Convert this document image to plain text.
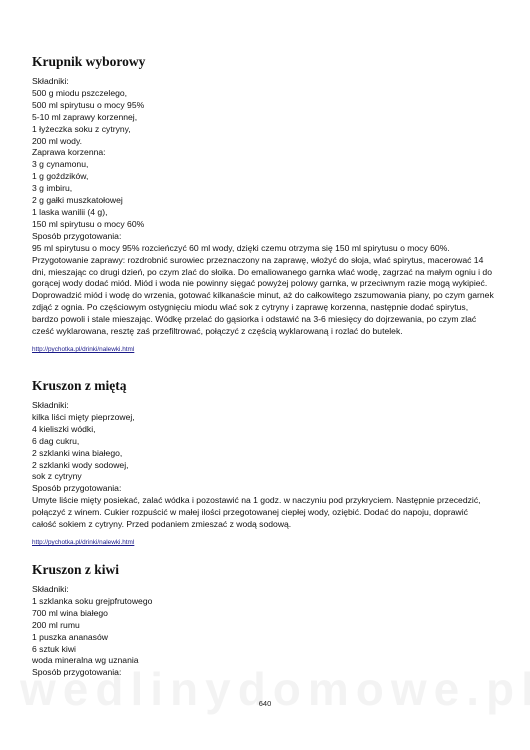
Krupnik wyborowy
Składniki:
500 g miodu pszczelego,
500 ml spirytusu o mocy 95%
5-10 ml zaprawy korzennej,
1 łyżeczka soku z cytryny,
200 ml wody.
Zaprawa korzenna:
3 g cynamonu,
1 g goździków,
3 g imbiru,
2 g gałki muszkatołowej
1 laska wanilii (4 g),
150 ml spirytusu o mocy 60%
Sposób przygotowania:
95 ml spirytusu o mocy 95% rozcieńczyć 60 ml wody, dzięki czemu otrzyma się 150 ml spirytusu o mocy 60%. Przygotowanie zaprawy: rozdrobnić surowiec przeznaczony na zaprawę, włożyć do słoja, wlać spirytus, macerować 14 dni, mieszając co drugi dzień, po czym zlać do słoika. Do emaliowanego garnka wlać wodę, zagrzać na małym ogniu i do gorącej wody dodać miód. Miód i woda nie powinny sięgać powyżej polowy garnka, w przeciwnym razie mogą wykipieć. Doprowadzić miód i wodę do wrzenia, gotować kilkanaście minut, aż do całkowitego zszumowania piany, po czym garnek zdjąć z ognia. Po częściowym ostygnięciu miodu wlać sok z cytryny i zaprawę korzenna, następnie dodać spirytus, bardzo powoli i stale mieszając. Wódkę przelać do gąsiorka i odstawić na 3-6 miesięcy do dojrzewania, po czym zlać cześć wyklarowana, resztę zaś przefiltrować, połączyć z częścią wyklarowaną i rozlać do butelek.
http://pychotka.pl/drinki/nalewki.html
Kruszon z miętą
Składniki:
kilka liści mięty pieprzowej,
4 kieliszki wódki,
6 dag cukru,
2 szklanki wina białego,
2 szklanki wody sodowej,
sok z cytryny
Sposób przygotowania:
Umyte liście mięty posiekać, zalać wódka i pozostawić na 1 godz. w naczyniu pod przykryciem. Następnie przecedzić, połączyć z winem. Cukier rozpuścić w małej ilości przegotowanej ciepłej wody, oziębić. Dodać do napoju, doprawić całość sokiem z cytryny. Przed podaniem zmieszać z wodą sodową.
http://pychotka.pl/drinki/nalewki.html
Kruszon z kiwi
Składniki:
1 szklanka soku grejpfrutowego
700 ml wina białego
200 ml rumu
1 puszka ananasów
6 sztuk kiwi
woda mineralna wg uznania
Sposób przygotowania:
640
